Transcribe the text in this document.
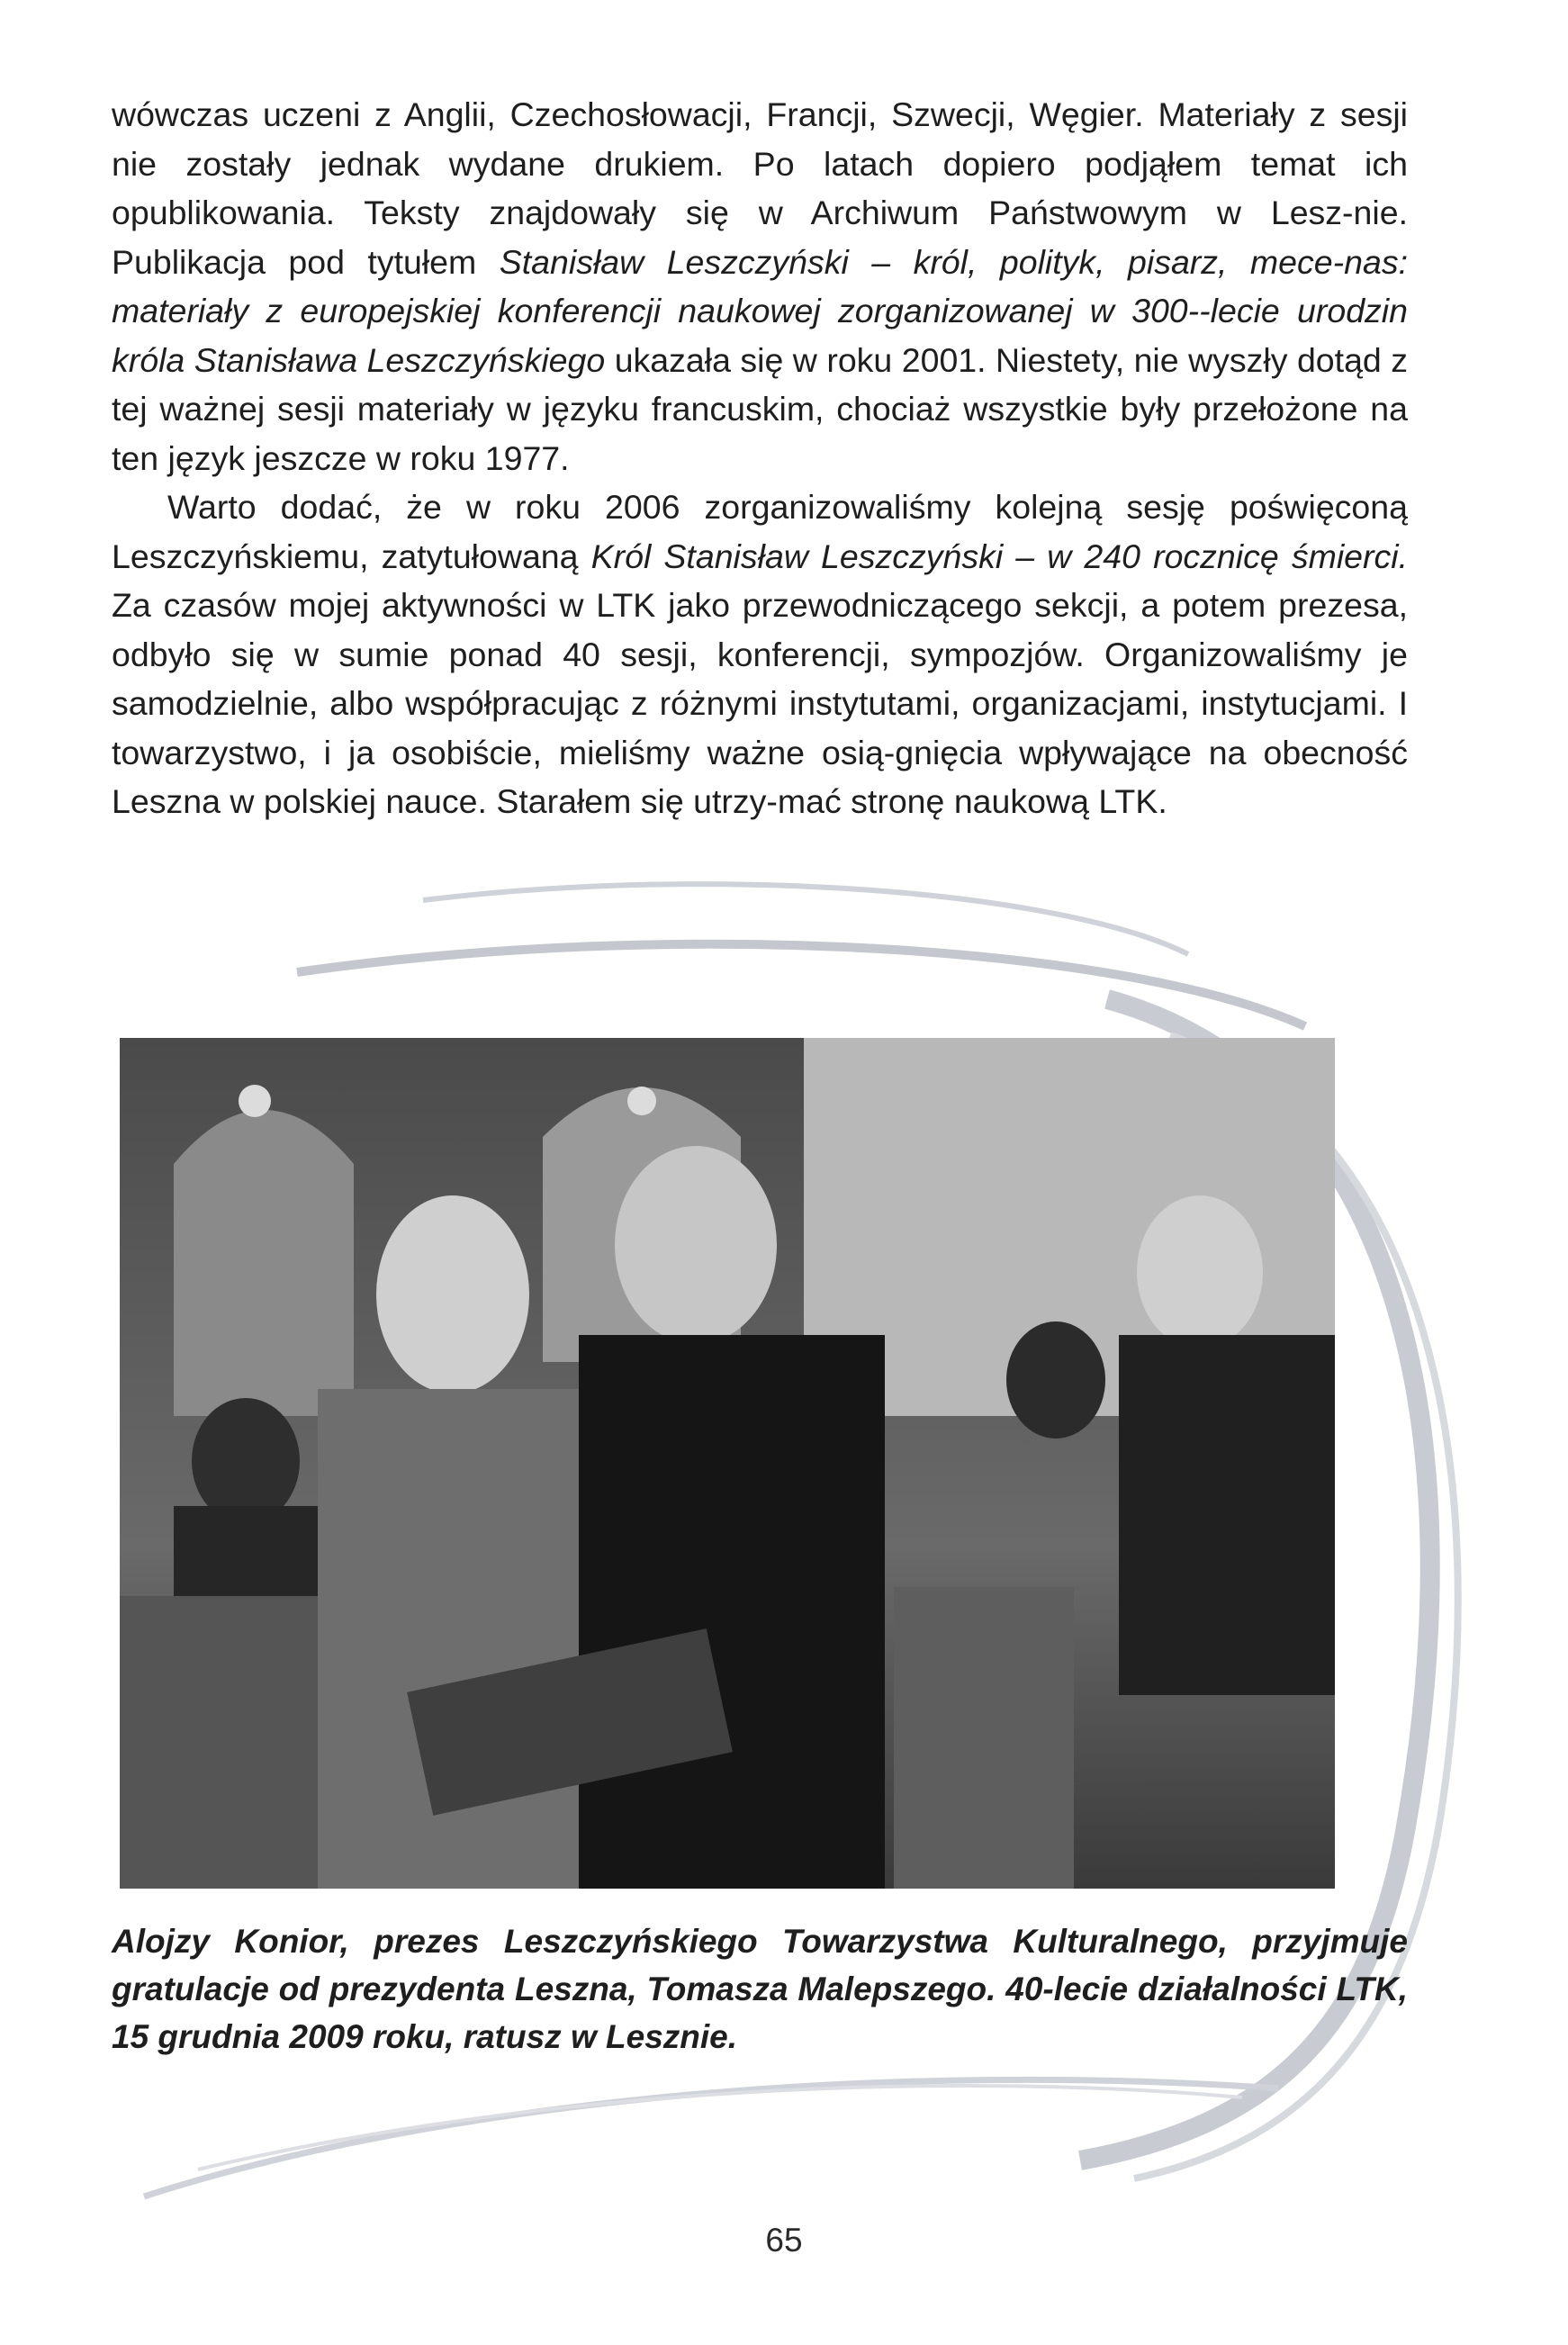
wówczas uczeni z Anglii, Czechosłowacji, Francji, Szwecji, Węgier. Materiały z sesji nie zostały jednak wydane drukiem. Po latach dopiero podjąłem temat ich opublikowania. Teksty znajdowały się w Archiwum Państwowym w Lesz-nie. Publikacja pod tytułem Stanisław Leszczyński – król, polityk, pisarz, mece-nas: materiały z europejskiej konferencji naukowej zorganizowanej w 300--lecie urodzin króla Stanisława Leszczyńskiego ukazała się w roku 2001. Niestety, nie wyszły dotąd z tej ważnej sesji materiały w języku francuskim, chociaż wszystkie były przełożone na ten język jeszcze w roku 1977.

Warto dodać, że w roku 2006 zorganizowaliśmy kolejną sesję poświęconą Leszczyńskiemu, zatytułowaną Król Stanisław Leszczyński – w 240 rocznicę śmierci. Za czasów mojej aktywności w LTK jako przewodniczącego sekcji, a potem prezesa, odbyło się w sumie ponad 40 sesji, konferencji, sympozjów. Organizowaliśmy je samodzielnie, albo współpracując z różnymi instytutami, organizacjami, instytucjami. I towarzystwo, i ja osobiście, mieliśmy ważne osią-gnięcia wpływające na obecność Leszna w polskiej nauce. Starałem się utrzy-mać stronę naukową LTK.

Alojzy Konior, prezes Leszczyńskiego Towarzystwa Kulturalnego, przyjmuje gratulacje od prezydenta Leszna, Tomasza Malepszego. 40-lecie działalności LTK, 15 grudnia 2009 roku, ratusz w Lesznie.
65
